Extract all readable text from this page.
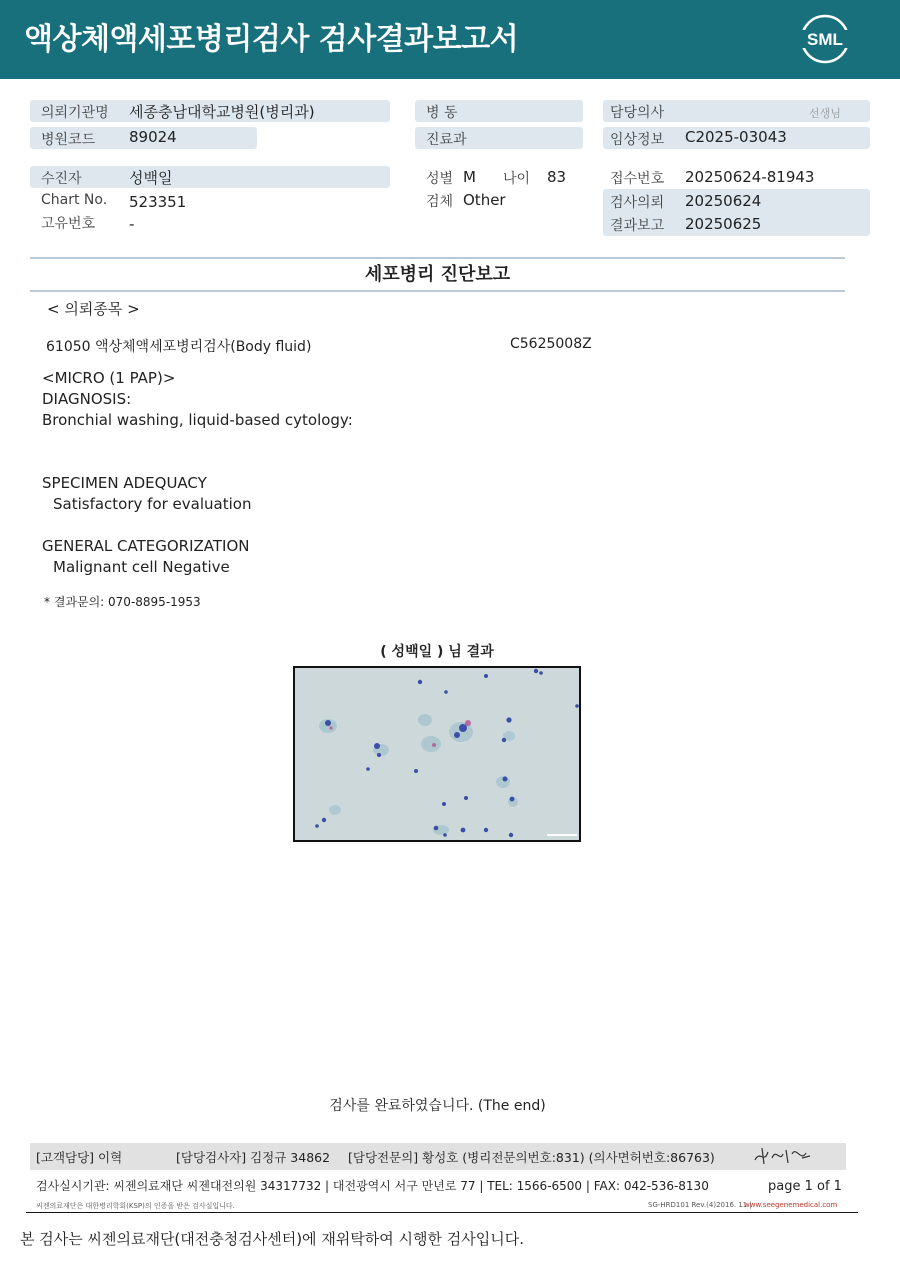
액상체액세포병리검사 검사결과보고서	SML
의뢰기관명 세종충남대학교병원(병리과)
병원코드 89024
수진자	성백일
Chart No. 523351
고유번호 -
병 동
진료과
성별 M 나이 83
검체 Other
담당의사	선생님
임상정보 C2025-03043
접수번호 20250624-81943
검사의뢰 20250624
결과보고 20250625
세포병리 진단보고
< 의뢰종목 >
61050 액상체액세포병리검사(Body fluid)	C5625008Z
<MICRO (1 PAP)>
DIAGNOSIS:
Bronchial washing, liquid-based cytology:
SPECIMEN ADEQUACY
Satisfactory for evaluation
GENERAL CATEGORIZATION
Malignant cell Negative
* 결과문의: 070-8895-1953
( 성백일 ) 님 결과
검사를 완료하였습니다. (The end)
[고객담당] 이혁	[담당검사자] 김정규 34862 [담당전문의] 황성호 (병리전문의번호:831) (의사면허번호:86763)
검사실시기관: 씨젠의료재단 씨젠대전의원 34317732 | 대전광역시 서구 만년로 77 | TEL: 1566-6500 | FAX: 042-536-8130	page 1 of 1
씨젠의료재단은 대한병리학회(KSP)의 인증을 받은 검사실입니다.	SG-HRD101 Rev.(4)2016. 11 |
www.seegenemedical.com
본 검사는 씨젠의료재단(대전충청검사센터)에 재위탁하여 시행한 검사입니다.
